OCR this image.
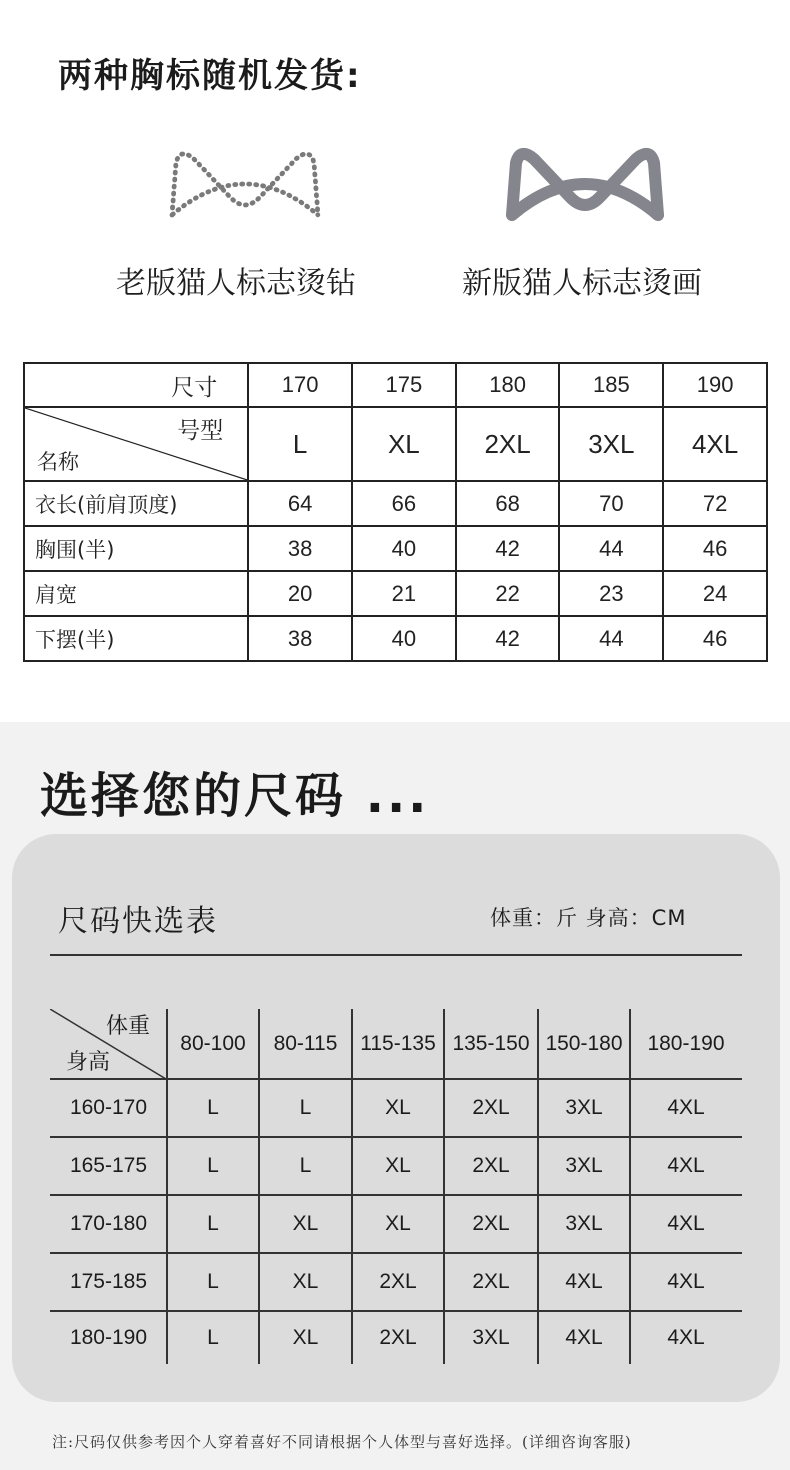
两种胸标随机发货:
老版猫人标志烫钻	新版猫人标志烫画
尺寸	170	175	180	185	190

号型
名称	L	XL	2XL	3XL	4XL
衣长(前肩顶度)	64	66	68	70	72
胸围(半)	38	40	42	44	46
肩宽	20	21	22	23	24
下摆(半)	38	40	42	44	46
选择您的尺码 ...
尺码快选表	体重：斤 身高：CM
体重
身高
80-100	80-115	115-135 135-150 150-180	180-190
160-170	L	L	XL	2XL	3XL	4XL
165-175	L	L	XL	2XL	3XL	4XL
170-180	L	XL	XL	2XL	3XL	4XL
175-185	L	XL	2XL	2XL	4XL	4XL
180-190	L	XL	2XL	3XL	4XL	4XL
注:尺码仅供参考因个人穿着喜好不同请根据个人体型与喜好选择。(详细咨询客服)
